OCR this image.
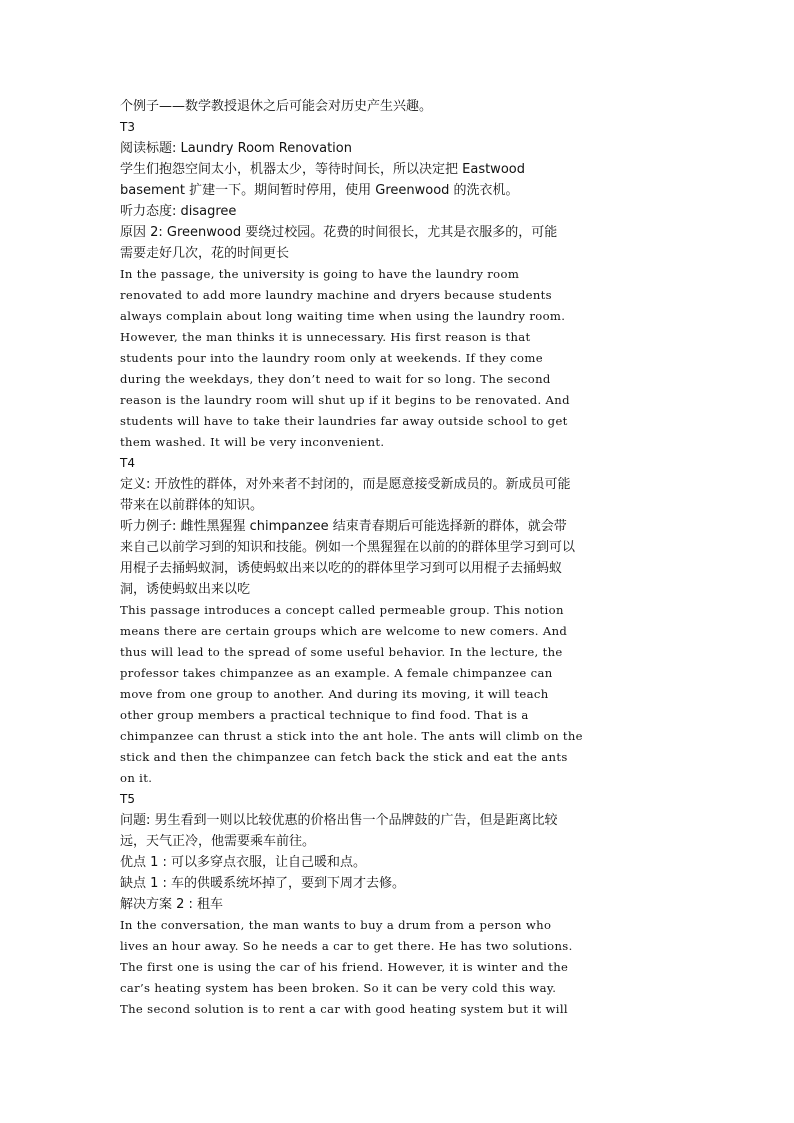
个例子——数学教授退休之后可能会对历史产生兴趣。
T3
阅读标题: Laundry Room Renovation
学生们抱怨空间太小，机器太少，等待时间长，所以决定把 Eastwood
basement 扩建一下。期间暂时停用，使用 Greenwood 的洗衣机。
听力态度: disagree
原因 2: Greenwood 要绕过校园。花费的时间很长，尤其是衣服多的，可能
需要走好几次，花的时间更长
In the passage, the university is going to have the laundry room
renovated to add more laundry machine and dryers because students
always complain about long waiting time when using the laundry room.
However, the man thinks it is unnecessary. His first reason is that
students pour into the laundry room only at weekends. If they come
during the weekdays, they don’t need to wait for so long. The second
reason is the laundry room will shut up if it begins to be renovated. And
students will have to take their laundries far away outside school to get
them washed. It will be very inconvenient.
T4
定义: 开放性的群体，对外来者不封闭的，而是愿意接受新成员的。新成员可能
带来在以前群体的知识。
听力例子: 雌性黑猩猩 chimpanzee 结束青春期后可能选择新的群体，就会带
来自己以前学习到的知识和技能。例如一个黑猩猩在以前的的群体里学习到可以
用棍子去捅蚂蚁洞，诱使蚂蚁出来以吃的的群体里学习到可以用棍子去捅蚂蚁
洞，诱使蚂蚁出来以吃
This passage introduces a concept called permeable group. This notion
means there are certain groups which are welcome to new comers. And
thus will lead to the spread of some useful behavior. In the lecture, the
professor takes chimpanzee as an example. A female chimpanzee can
move from one group to another. And during its moving, it will teach
other group members a practical technique to find food. That is a
chimpanzee can thrust a stick into the ant hole. The ants will climb on the
stick and then the chimpanzee can fetch back the stick and eat the ants
on it.
T5
问题: 男生看到一则以比较优惠的价格出售一个品牌鼓的广告，但是距离比较
远，天气正冷，他需要乘车前往。
优点 1 : 可以多穿点衣服，让自己暖和点。
缺点 1 : 车的供暖系统坏掉了，要到下周才去修。
解决方案 2 : 租车
In the conversation, the man wants to buy a drum from a person who
lives an hour away. So he needs a car to get there. He has two solutions.
The first one is using the car of his friend. However, it is winter and the
car’s heating system has been broken. So it can be very cold this way.
The second solution is to rent a car with good heating system but it will
